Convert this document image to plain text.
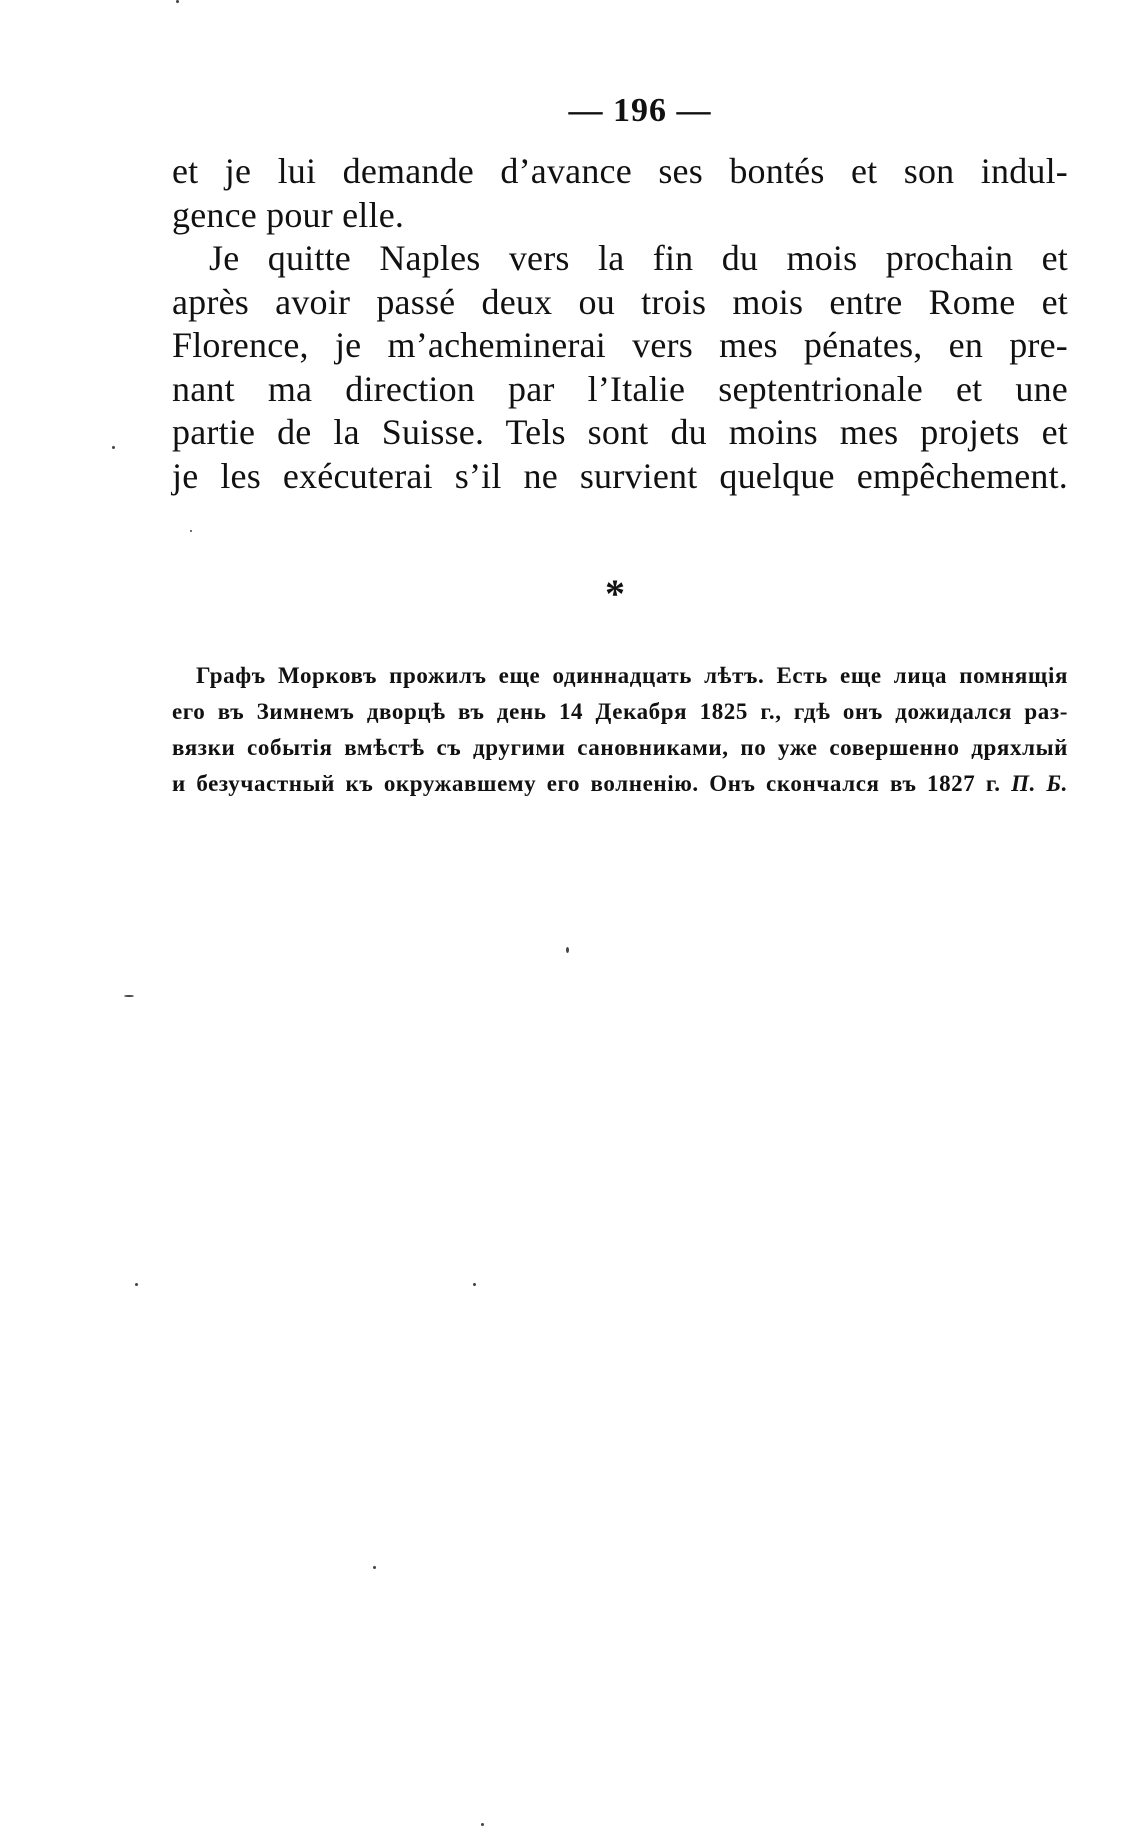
— 196 —
et je lui demande d’avance ses bontés et son indul-
gence pour elle.
Je quitte Naples vers la fin du mois prochain et
après avoir passé deux ou trois mois entre Rome et
Florence, je m’acheminerai vers mes pénates, en pre-
nant ma direction par l’Italie septentrionale et une
partie de la Suisse. Tels sont du moins mes projets et
je les exécuterai s’il ne survient quelque empêchement.
*
Графъ Морковъ прожилъ еще одиннадцать лѣтъ. Есть еще лица помнящія
его въ Зимнемъ дворцѣ въ день 14 Декабря 1825 г., гдѣ онъ дожидался раз-
вязки событія вмѣстѣ съ другими сановниками, по уже совершенно дряхлый
и безучастный къ окружавшему его волненію. Онъ скончался въ 1827 г. П. Б.
